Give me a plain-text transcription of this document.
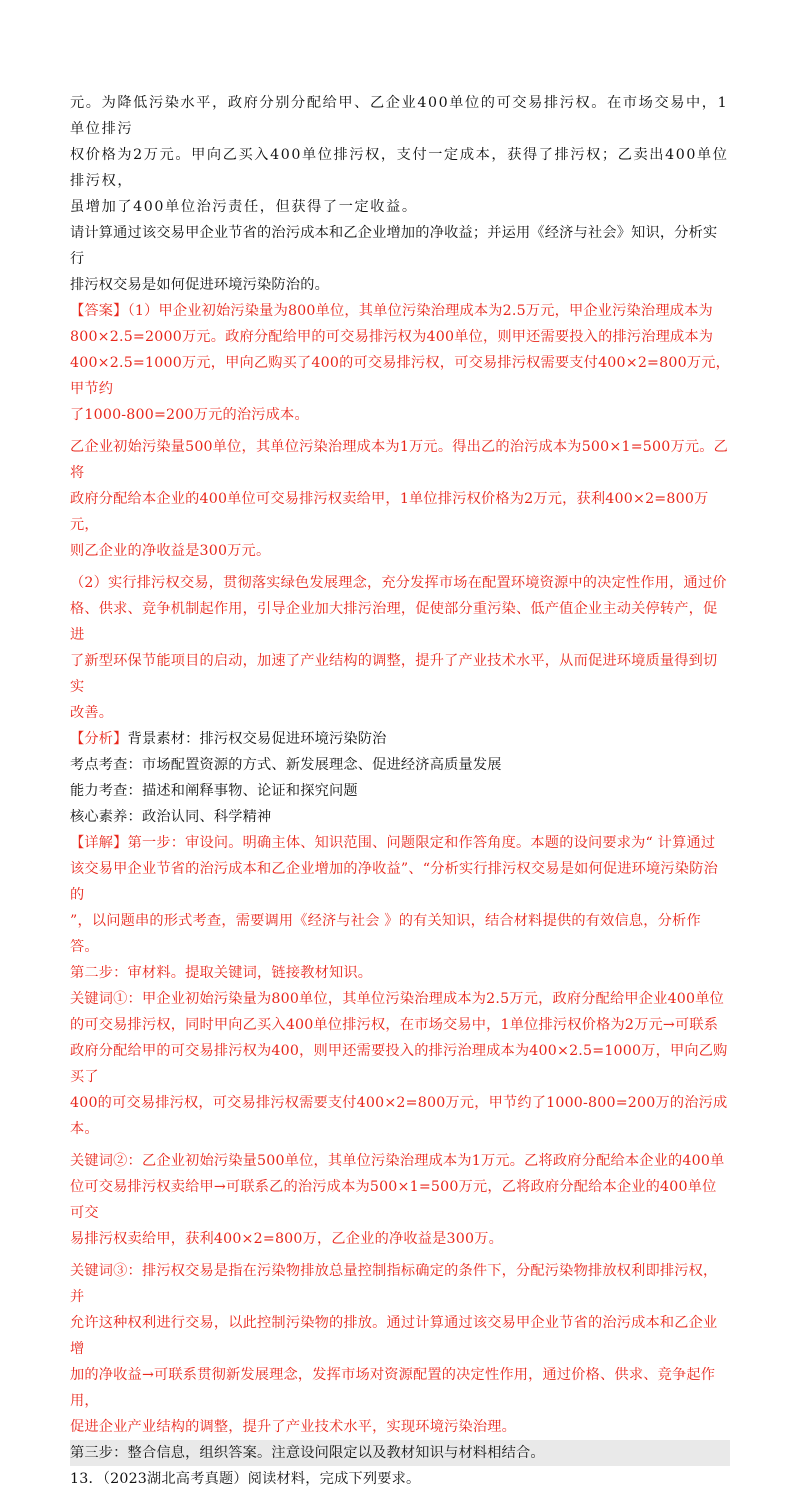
元。为降低污染水平，政府分别分配给甲、乙企业400单位的可交易排污权。在市场交易中，1单位排污

权价格为2万元。甲向乙买入400单位排污权，支付一定成本，获得了排污权；乙卖出400单位排污权，

虽增加了400单位治污责任，但获得了一定收益。

请计算通过该交易甲企业节省的治污成本和乙企业增加的净收益；并运用《经济与社会》知识，分析实行

排污权交易是如何促进环境污染防治的。

【答案】（1）甲企业初始污染量为800单位，其单位污染治理成本为2.5万元，甲企业污染治理成本为

800×2.5=2000万元。政府分配给甲的可交易排污权为400单位，则甲还需要投入的排污治理成本为

400×2.5=1000万元，甲向乙购买了400的可交易排污权，可交易排污权需要支付400×2=800万元，甲节约

了1000-800=200万元的治污成本。

乙企业初始污染量500单位，其单位污染治理成本为1万元。得出乙的治污成本为500×1=500万元。乙将

政府分配给本企业的400单位可交易排污权卖给甲，1单位排污权价格为2万元，获利400×2=800万元，

则乙企业的净收益是300万元。

（2）实行排污权交易，贯彻落实绿色发展理念，充分发挥市场在配置环境资源中的决定性作用，通过价

格、供求、竞争机制起作用，引导企业加大排污治理，促使部分重污染、低产值企业主动关停转产，促进

了新型环保节能项目的启动，加速了产业结构的调整，提升了产业技术水平，从而促进环境质量得到切实

改善。

【分析】背景素材：排污权交易促进环境污染防治

考点考查：市场配置资源的方式、新发展理念、促进经济高质量发展

能力考查：描述和阐释事物、论证和探究问题

核心素养：政治认同、科学精神

【详解】第一步：审设问。明确主体、知识范围、问题限定和作答角度。本题的设问要求为“ 计算通过

该交易甲企业节省的治污成本和乙企业增加的净收益”、“分析实行排污权交易是如何促进环境污染防治的

”，以问题串的形式考查，需要调用《经济与社会 》的有关知识，结合材料提供的有效信息，分析作

答。

第二步：审材料。提取关键词，链接教材知识。

关键词①：甲企业初始污染量为800单位，其单位污染治理成本为2.5万元，政府分配给甲企业400单位

的可交易排污权，同时甲向乙买入400单位排污权，在市场交易中，1单位排污权价格为2万元→可联系

政府分配给甲的可交易排污权为400，则甲还需要投入的排污治理成本为400×2.5=1000万，甲向乙购买了

400的可交易排污权，可交易排污权需要支付400×2=800万元，甲节约了1000-800=200万的治污成本。

关键词②：乙企业初始污染量500单位，其单位污染治理成本为1万元。乙将政府分配给本企业的400单

位可交易排污权卖给甲→可联系乙的治污成本为500×1=500万元，乙将政府分配给本企业的400单位可交

易排污权卖给甲，获利400×2=800万，乙企业的净收益是300万。

关键词③：排污权交易是指在污染物排放总量控制指标确定的条件下，分配污染物排放权利即排污权，并

允许这种权利进行交易，以此控制污染物的排放。通过计算通过该交易甲企业节省的治污成本和乙企业增

加的净收益→可联系贯彻新发展理念，发挥市场对资源配置的决定性作用，通过价格、供求、竞争起作用，

促进企业产业结构的调整，提升了产业技术水平，实现环境污染治理。

第三步：整合信息，组织答案。注意设问限定以及教材知识与材料相结合。

13．（2023湖北高考真题）阅读材料，完成下列要求。
